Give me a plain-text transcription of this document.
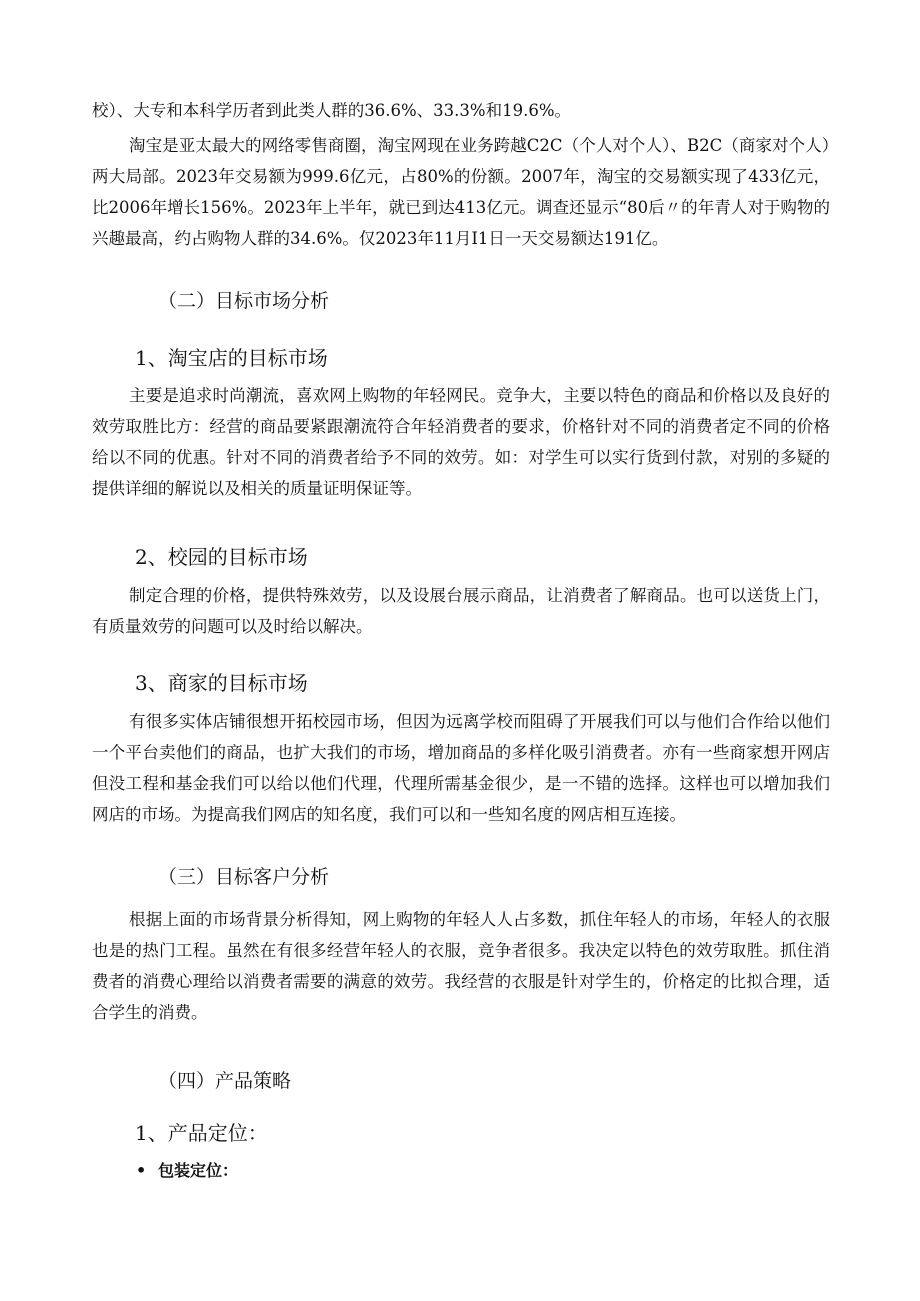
校）、大专和本科学历者到此类人群的36.6%、33.3%和19.6%。

淘宝是亚太最大的网络零售商圈，淘宝网现在业务跨越C2C（个人对个人）、B2C（商家对个人）两大局部。2023年交易额为999.6亿元，占80%的份额。2007年，淘宝的交易额实现了433亿元，比2006年增长156%。2023年上半年，就已到达413亿元。调查还显示“80后〃的年青人对于购物的兴趣最高，约占购物人群的34.6%。仅2023年11月I1日一天交易额达191亿。

（二）目标市场分析
1、淘宝店的目标市场

主要是追求时尚潮流，喜欢网上购物的年轻网民。竞争大，主要以特色的商品和价格以及良好的效劳取胜比方：经营的商品要紧跟潮流符合年轻消费者的要求，价格针对不同的消费者定不同的价格给以不同的优惠。针对不同的消费者给予不同的效劳。如：对学生可以实行货到付款，对别的多疑的提供详细的解说以及相关的质量证明保证等。

2、校园的目标市场

制定合理的价格，提供特殊效劳，以及设展台展示商品，让消费者了解商品。也可以送货上门，有质量效劳的问题可以及时给以解决。

3、商家的目标市场

有很多实体店铺很想开拓校园市场，但因为远离学校而阻碍了开展我们可以与他们合作给以他们一个平台卖他们的商品，也扩大我们的市场，增加商品的多样化吸引消费者。亦有一些商家想开网店但没工程和基金我们可以给以他们代理，代理所需基金很少，是一不错的选择。这样也可以增加我们网店的市场。为提高我们网店的知名度，我们可以和一些知名度的网店相互连接。

（三）目标客户分析

根据上面的市场背景分析得知，网上购物的年轻人人占多数，抓住年轻人的市场，年轻人的衣服也是的热门工程。虽然在有很多经营年轻人的衣服，竞争者很多。我决定以特色的效劳取胜。抓住消费者的消费心理给以消费者需要的满意的效劳。我经营的衣服是针对学生的，价格定的比拟合理，适合学生的消费。

（四）产品策略
1、产品定位：
• 包装定位：
